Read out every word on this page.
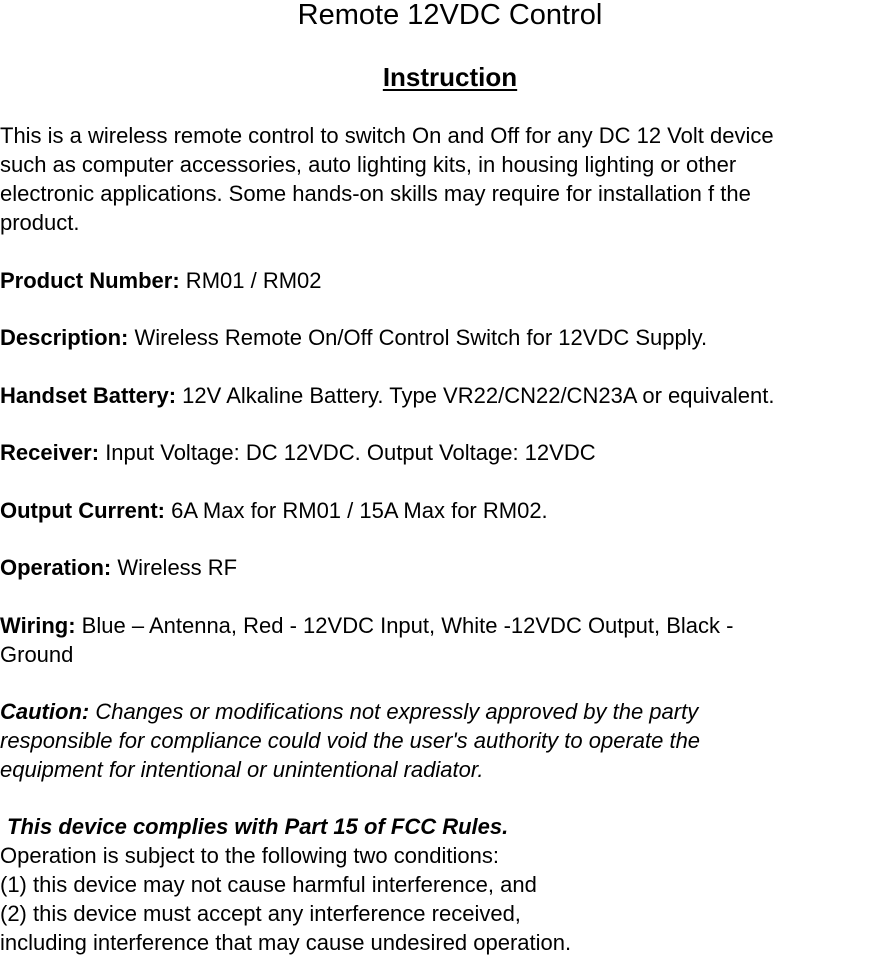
Remote 12VDC Control
Instruction

This is a wireless remote control to switch On and Off for any DC 12 Volt device
such as computer accessories, auto lighting kits, in housing lighting or other
electronic applications. Some hands-on skills may require for installation f the
product.

Product Number: RM01 / RM02

Description: Wireless Remote On/Off Control Switch for 12VDC Supply.

Handset Battery: 12V Alkaline Battery. Type VR22/CN22/CN23A or equivalent.

Receiver: Input Voltage: DC 12VDC. Output Voltage: 12VDC

Output Current: 6A Max for RM01 / 15A Max for RM02.

Operation: Wireless RF

Wiring: Blue – Antenna, Red - 12VDC Input, White -12VDC Output, Black -
Ground

Caution: Changes or modifications not expressly approved by the party
responsible for compliance could void the user's authority to operate the
equipment for intentional or unintentional radiator.

This device complies with Part 15 of FCC Rules.
Operation is subject to the following two conditions:
(1) this device may not cause harmful interference, and
(2) this device must accept any interference received,
including interference that may cause undesired operation.
